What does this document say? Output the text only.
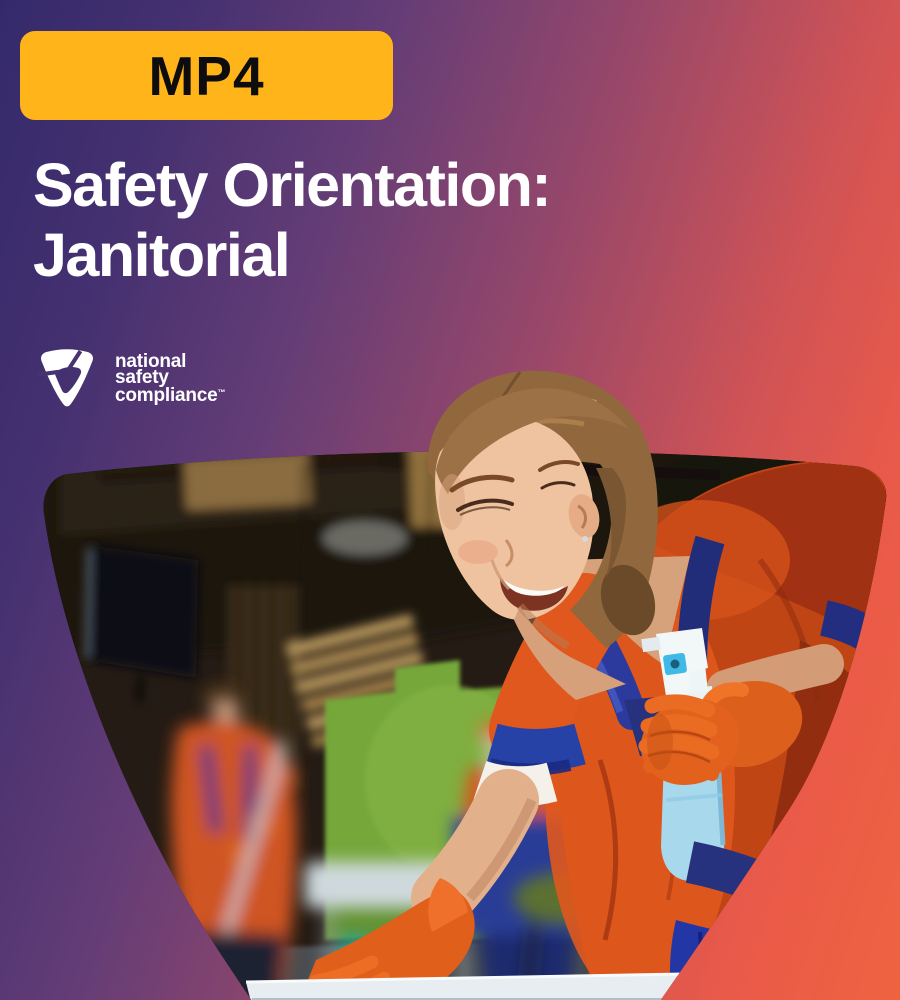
MP4
Safety Orientation:
Janitorial
national
safety
compliance™
